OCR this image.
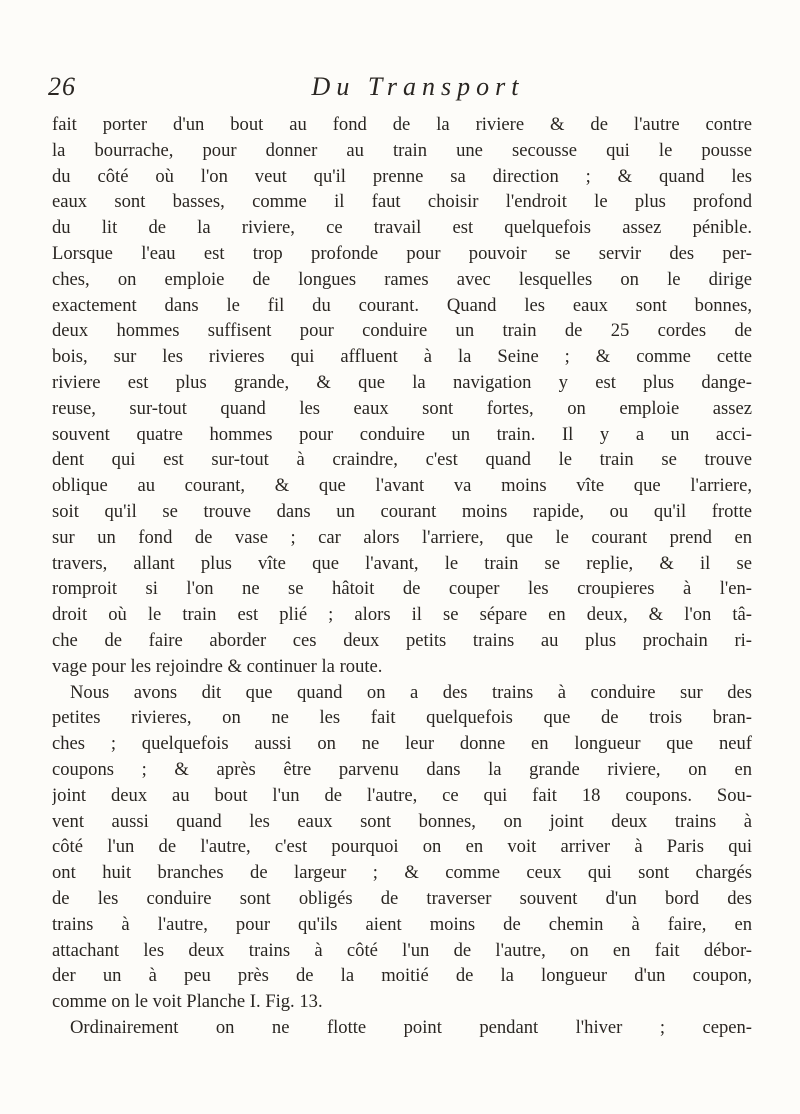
26	Du Transport
fait porter d'un bout au fond de la riviere & de l'autre contre
la bourrache, pour donner au train une secousse qui le pousse
du côté où l'on veut qu'il prenne sa direction ; & quand les
eaux sont basses, comme il faut choisir l'endroit le plus profond
du lit de la riviere, ce travail est quelquefois assez pénible.
Lorsque l'eau est trop profonde pour pouvoir se servir des per-
ches, on emploie de longues rames avec lesquelles on le dirige
exactement dans le fil du courant. Quand les eaux sont bonnes,
deux hommes suffisent pour conduire un train de 25 cordes de
bois, sur les rivieres qui affluent à la Seine ; & comme cette
riviere est plus grande, & que la navigation y est plus dange-
reuse, sur-tout quand les eaux sont fortes, on emploie assez
souvent quatre hommes pour conduire un train. Il y a un acci-
dent qui est sur-tout à craindre, c'est quand le train se trouve
oblique au courant, & que l'avant va moins vîte que l'arriere,
soit qu'il se trouve dans un courant moins rapide, ou qu'il frotte
sur un fond de vase ; car alors l'arriere, que le courant prend en
travers, allant plus vîte que l'avant, le train se replie, & il se
romproit si l'on ne se hâtoit de couper les croupieres à l'en-
droit où le train est plié ; alors il se sépare en deux, & l'on tâ-
che de faire aborder ces deux petits trains au plus prochain ri-
vage pour les rejoindre & continuer la route.
Nous avons dit que quand on a des trains à conduire sur des
petites rivieres, on ne les fait quelquefois que de trois bran-
ches ; quelquefois aussi on ne leur donne en longueur que neuf
coupons ; & après être parvenu dans la grande riviere, on en
joint deux au bout l'un de l'autre, ce qui fait 18 coupons. Sou-
vent aussi quand les eaux sont bonnes, on joint deux trains à
côté l'un de l'autre, c'est pourquoi on en voit arriver à Paris qui
ont huit branches de largeur ; & comme ceux qui sont chargés
de les conduire sont obligés de traverser souvent d'un bord des
trains à l'autre, pour qu'ils aient moins de chemin à faire, en
attachant les deux trains à côté l'un de l'autre, on en fait débor-
der un à peu près de la moitié de la longueur d'un coupon,
comme on le voit Planche I. Fig. 13.
Ordinairement on ne flotte point pendant l'hiver ; cepen-
